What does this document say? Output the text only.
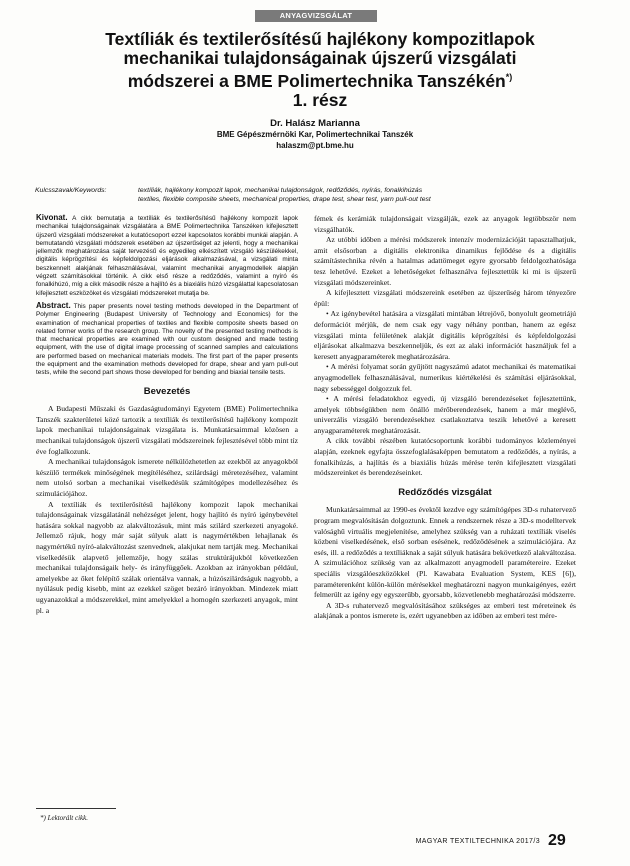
ANYAGVIZSGÁLAT
Textíliák és textilerősítésű hajlékony kompozitlapok
mechanikai tulajdonságainak újszerű vizsgálati
módszerei a BME Polimertechnika Tanszékén*)
1. rész
Dr. Halász Marianna
BME Gépészmérnöki Kar, Polimertechnikai Tanszék
halaszm@pt.bme.hu
Kulcsszavak/Keywords:	textíliák, hajlékony kompozit lapok, mechanikai tulajdonságok, redőződés, nyírás, fonalkihúzás
textiles, flexible composite sheets, mechanical properties, drape test, shear test, yarn pull-out test

Kivonat. A cikk bemutatja a textíliák és textilerősítésű hajlékony kompozit lapok mechanikai tulajdonságainak vizsgálatára a BME Polimertechnika Tanszéken kifejlesztett újszerű vizsgálati módszereket a kutatócsoport ezzel kapcsolatos korábbi munkái alapján. A bemutatandó vizsgálati módszerek esetében az újszerűséget az jelenti, hogy a mechanikai jellemzők meghatározása saját tervezésű és egyedileg elkészített vizsgáló készülékekkel, digitális képrögzítési és képfeldolgozási eljárások alkalmazásával, a vizsgálati minta beszkennelt alakjának felhasználásával, valamint mechanikai anyagmodellek alapján végzett számításokkal történik. A cikk első része a redőződés, valamint a nyíró és fonalkihúzó, míg a cikk második része a hajlító és a biaxiális húzó vizsgálattal kapcsolatosan kifejlesztett eszközöket és vizsgálati módszereket mutatja be.

Abstract. This paper presents novel testing methods developed in the Department of Polymer Engineering (Budapest University of Technology and Economics) for the examination of mechanical properties of textiles and flexible composite sheets based on related former works of the research group. The novelty of the presented testing methods is that mechanical properties are examined with our custom designed and made testing equipment, with the use of digital image processing of scanned samples and calculations are performed based on mechanical materials models. The first part of the paper presents the equipment and the examination methods developed for drape, shear and yarn pull-out tests, while the second part shows those developed for bending and biaxial tensile tests.

Bevezetés

A Budapesti Műszaki és Gazdaságtudományi Egyetem (BME) Polimertechnika Tanszék szakterületei közé tartozik a textíliák és textilerősítésű hajlékony kompozit lapok mechanikai tulajdonságainak vizsgálata is. Munkatársaimmal közösen a mechanikai tulajdonságok újszerű vizsgálati módszereinek fejlesztésével több mint tíz éve foglalkozunk.

A mechanikai tulajdonságok ismerete nélkülözhetetlen az ezekből az anyagokból készülő termékek minőségének megítéléséhez, szilárdsági méretezéséhez, valamint nem utolsó sorban a mechanikai viselkedésük számítógépes modellezéséhez és szimulációjához.

A textíliák és textilerősítésű hajlékony kompozit lapok mechanikai tulajdonságainak vizsgálatánál nehézséget jelent, hogy hajlító és nyíró igénybevétel hatására sokkal nagyobb az alakváltozásuk, mint más szilárd szerkezeti anyagoké. Jellemző rájuk, hogy már saját súlyuk alatt is nagymértékben lehajlanak és nagymértékű nyíró-alakváltozást szenvednek, alakjukat nem tartják meg. Mechanikai viselkedésük alapvető jellemzője, hogy szálas struktúrájukból következően mechanikai tulajdonságaik hely- és irányfüggőek. Azokban az irányokban például, amelyekbe az őket felépítő szálak orientálva vannak, a húzószilárdságuk nagyobb, a nyúlásuk pedig kisebb, mint az ezekkel szöget bezáró irányokban. Mindezek miatt ugyanazokkal a módszerekkel, mint amelyekkel a homogén szerkezeti anyagok, mint pl. a

fémek és kerámiák tulajdonságait vizsgálják, ezek az anyagok legtöbbször nem vizsgálhatók.

Az utóbbi időben a mérési módszerek intenzív modernizációját tapasztalhatjuk, amit elsősorban a digitális elektronika dinamikus fejlődése és a digitális számítástechnika révén a hatalmas adattömeget egyre gyorsabb feldolgozhatósága tesz lehetővé. Ezeket a lehetőségeket felhasználva fejlesztettük ki mi is újszerű vizsgálati módszereinket.

A kifejlesztett vizsgálati módszereink esetében az újszerűség három tényezőre épül:

• Az igénybevétel hatására a vizsgálati mintában létrejövő, bonyolult geometriájú deformációt mérjük, de nem csak egy vagy néhány pontban, hanem az egész vizsgálati minta felületének alakját digitális képrögzítési és képfeldolgozási eljárásokat alkalmazva beszkenneljük, és ezt az alaki információt használjuk fel a keresett anyagparaméterek meghatározására.

• A mérési folyamat során gyűjtött nagyszámú adatot mechanikai és matematikai anyagmodellek felhasználásával, numerikus kiértékelési és számítási eljárásokkal, nagy sebességgel dolgozzuk fel.

• A mérési feladatokhoz egyedi, új vizsgáló berendezéseket fejlesztettünk, amelyek többségükben nem önálló mérőberendezések, hanem a már meglévő, univerzális vizsgáló berendezésekhez csatlakoztatva teszik lehetővé a keresett anyagparaméterek meghatározását.

A cikk további részében kutatócsoportunk korábbi tudományos közleményei alapján, ezeknek egyfajta összefoglalásaképpen bemutatom a redőződés, a nyírás, a fonalkihúzás, a hajlítás és a biaxiális húzás mérése terén kifejlesztett vizsgálati módszereinket és berendezéseinket.

Redőződés vizsgálat

Munkatársaimmal az 1990-es évektől kezdve egy számítógépes 3D-s ruhatervező program megvalósításán dolgoztunk. Ennek a rendszernek része a 3D-s modelltervek valósághű virtuális megjelenítése, amelyhez szükség van a ruházati textíliák viselés közbeni viselkedésének, első sorban esésének, redőződésének a szimulációjára. Az esés, ill. a redőződés a textíliáknak a saját súlyuk hatására bekövetkező alakváltozása. A szimulációhoz szükség van az alkalmazott anyagmodell paramétereire. Ezeket speciális vizsgálóeszközökkel (Pl. Kawabata Evaluation System, KES [6]), paraméterenként külön-külön mérésekkel meghatározni nagyon munkaigényes, ezért felmerült az igény egy egyszerűbb, gyorsabb, közvetlenebb meghatározási módszerre.

A 3D-s ruhatervező megvalósításához szükséges az emberi test méreteinek és alakjának a pontos ismerete is, ezért ugyanebben az időben az emberi test mére-

*) Lektorált cikk.
MAGYAR TEXTILTECHNIKA 2017/3 29
